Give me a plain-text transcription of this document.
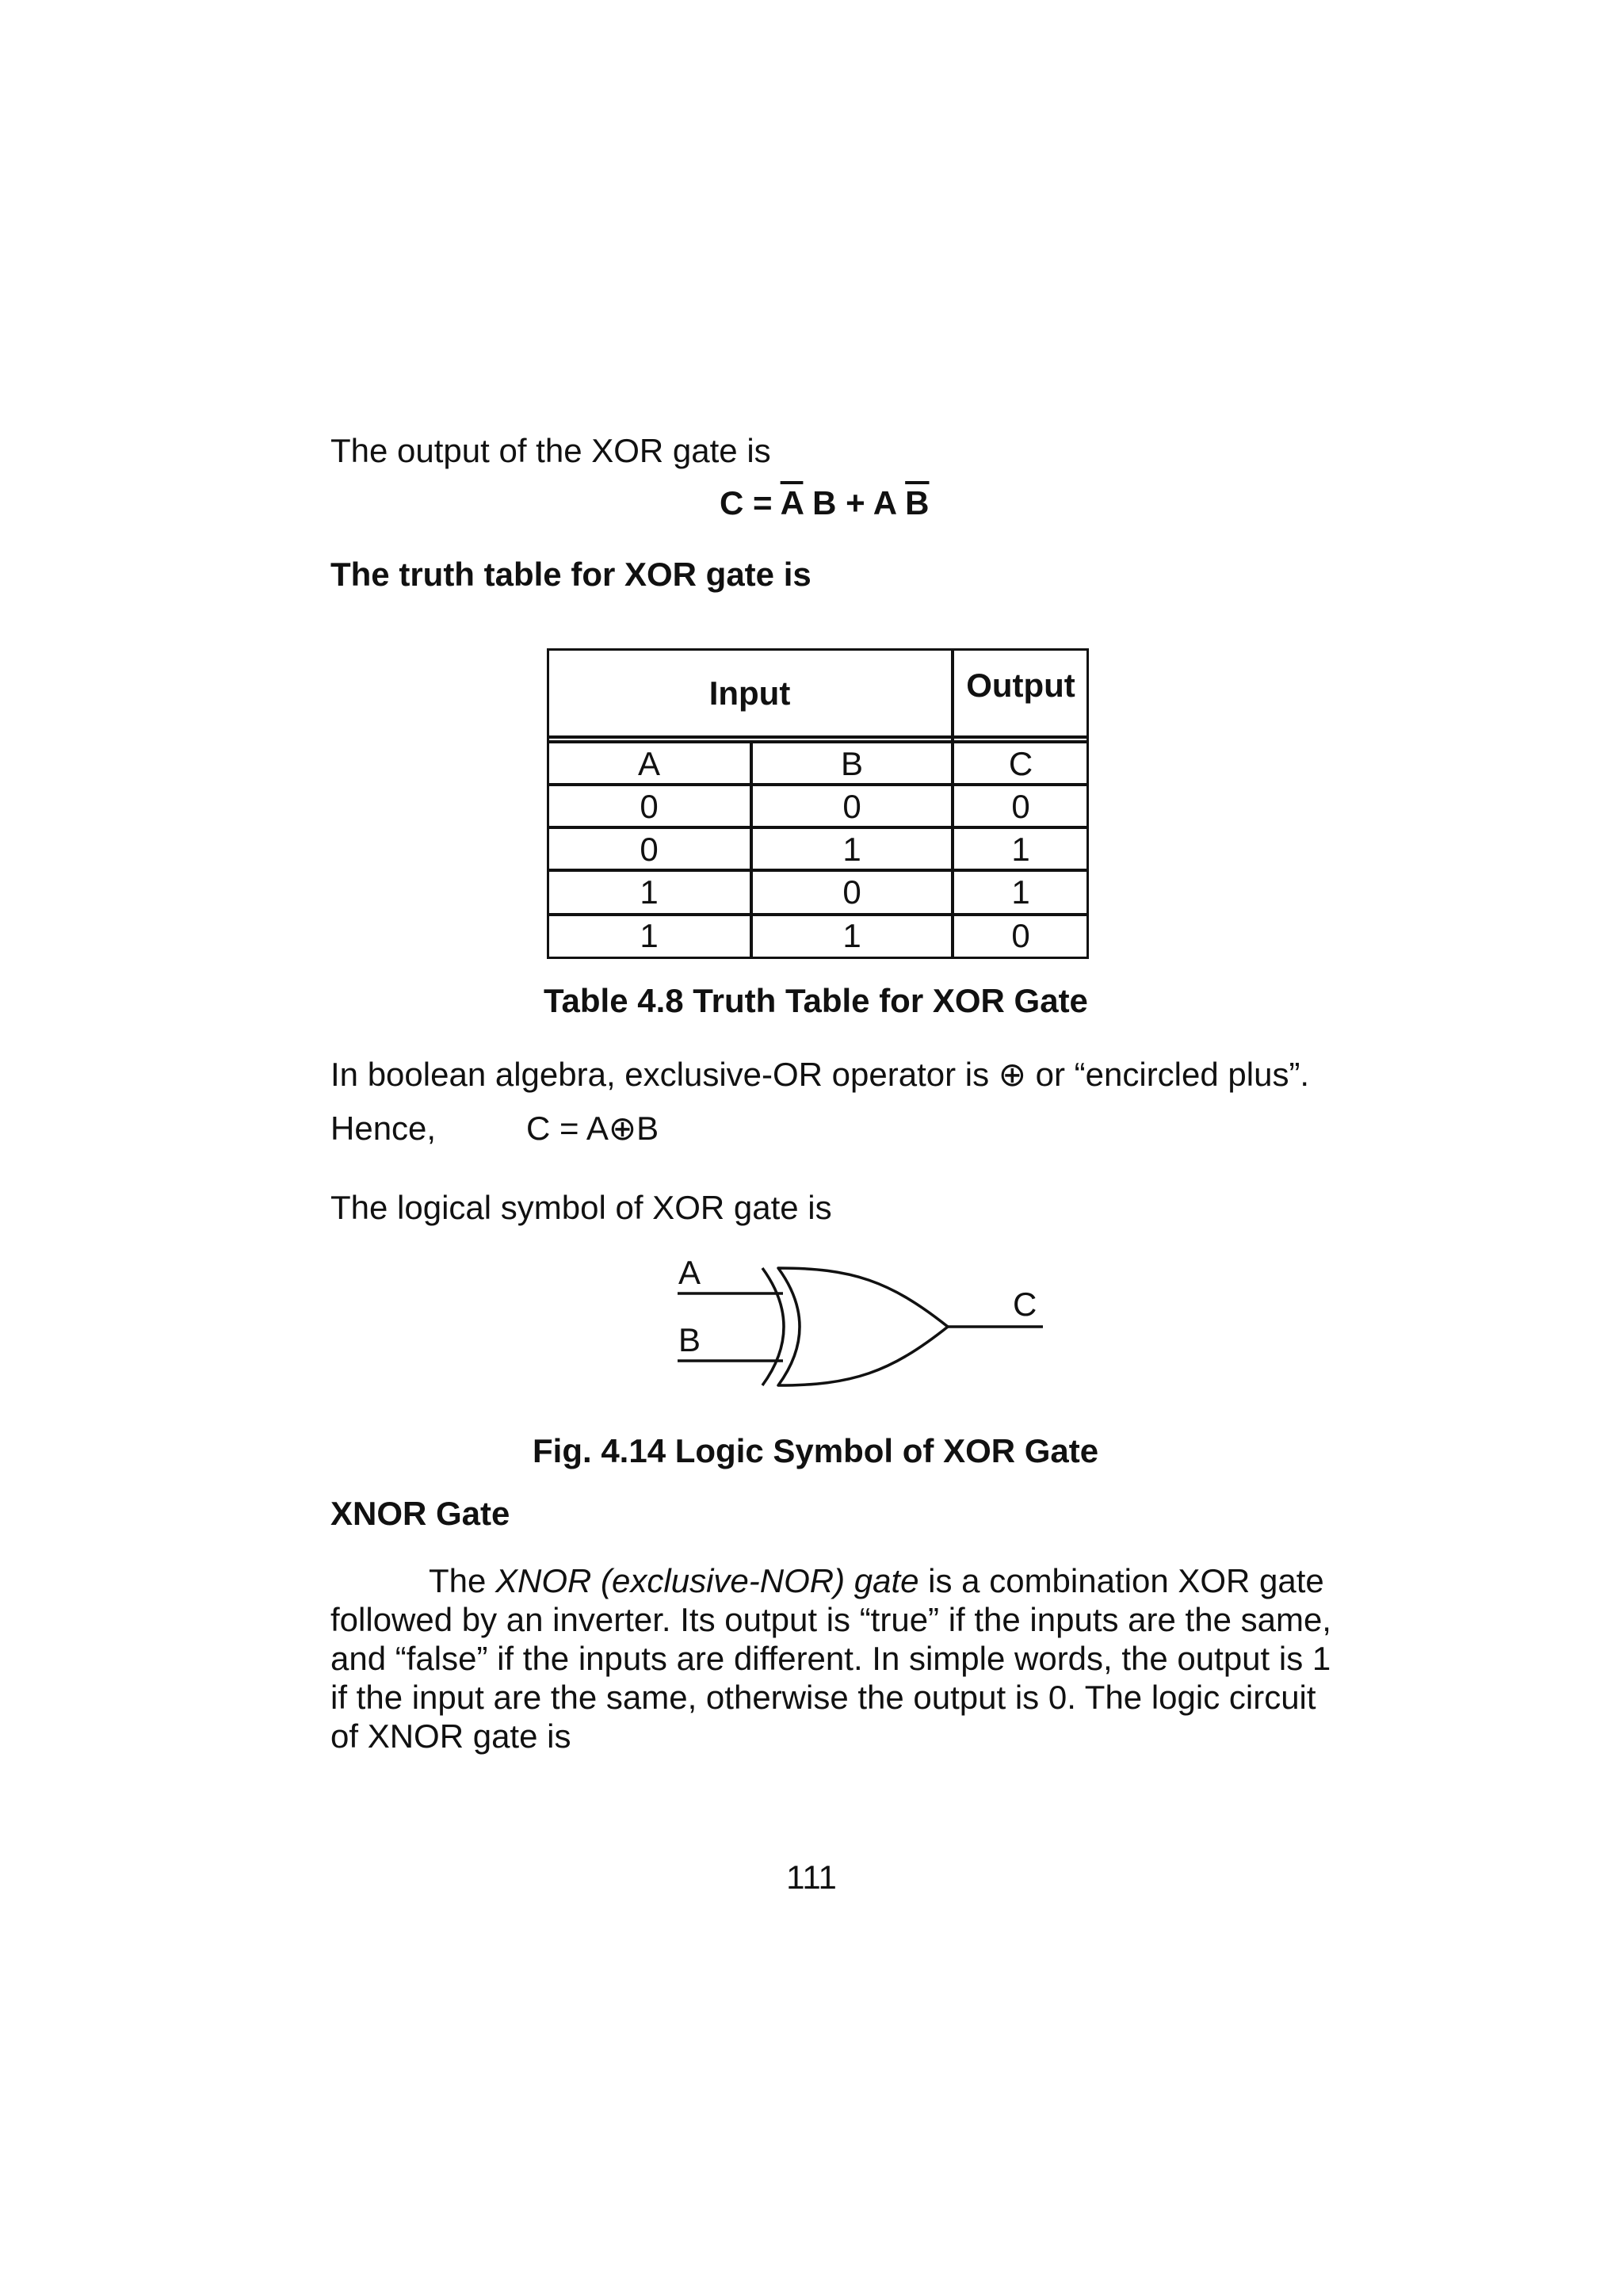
The output of the XOR gate is
$C = \overline{A}$ B + A $\overline{B}$
The truth table for XOR gate is
Input	Output
A	B	C
0	0	0
0	1	1
1	0	1
1	1	0
Table 4.8 Truth Table for XOR Gate
In boolean algebra, exclusive-OR operator is ⊕ or “encircled plus”.
Hence,	C = A⊕B
The logical symbol of XOR gate is
A
B
C
Fig. 4.14 Logic Symbol of XOR Gate
XNOR Gate
The XNOR (exclusive-NOR) gate is a combination XOR gate
followed by an inverter. Its output is “true” if the inputs are the same,
and “false” if the inputs are different. In simple words, the output is 1
if the input are the same, otherwise the output is 0. The logic circuit
of XNOR gate is
111
